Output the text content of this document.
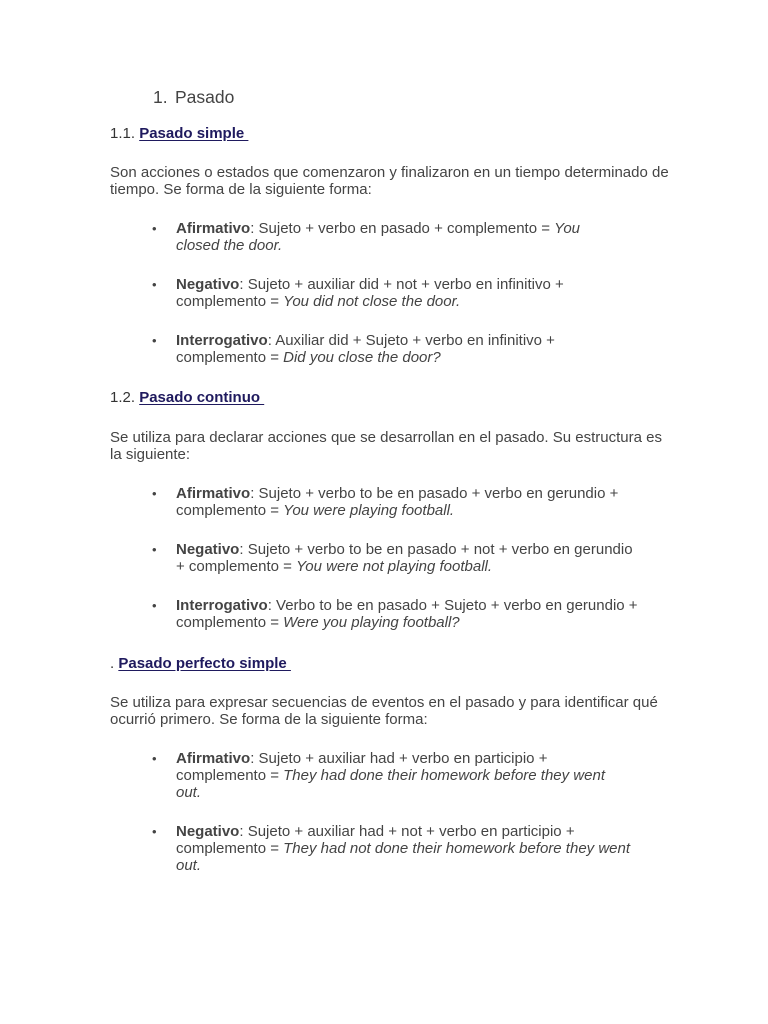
1. Pasado
1.1. Pasado simple

Son acciones o estados que comenzaron y finalizaron en un tiempo determinado de tiempo. Se forma de la siguiente forma:

• Afirmativo: Sujeto + verbo en pasado + complemento = You closed the door.
• Negativo: Sujeto + auxiliar did + not + verbo en infinitivo + complemento = You did not close the door.
• Interrogativo: Auxiliar did + Sujeto + verbo en infinitivo + complemento = Did you close the door?
1.2. Pasado continuo

Se utiliza para declarar acciones que se desarrollan en el pasado. Su estructura es la siguiente:

• Afirmativo: Sujeto + verbo to be en pasado + verbo en gerundio + complemento = You were playing football.
• Negativo: Sujeto + verbo to be en pasado + not + verbo en gerundio + complemento = You were not playing football.
• Interrogativo: Verbo to be en pasado + Sujeto + verbo en gerundio + complemento = Were you playing football?
. Pasado perfecto simple

Se utiliza para expresar secuencias de eventos en el pasado y para identificar qué ocurrió primero. Se forma de la siguiente forma:

• Afirmativo: Sujeto + auxiliar had + verbo en participio + complemento = They had done their homework before they went out.
• Negativo: Sujeto + auxiliar had + not + verbo en participio + complemento = They had not done their homework before they went out.
